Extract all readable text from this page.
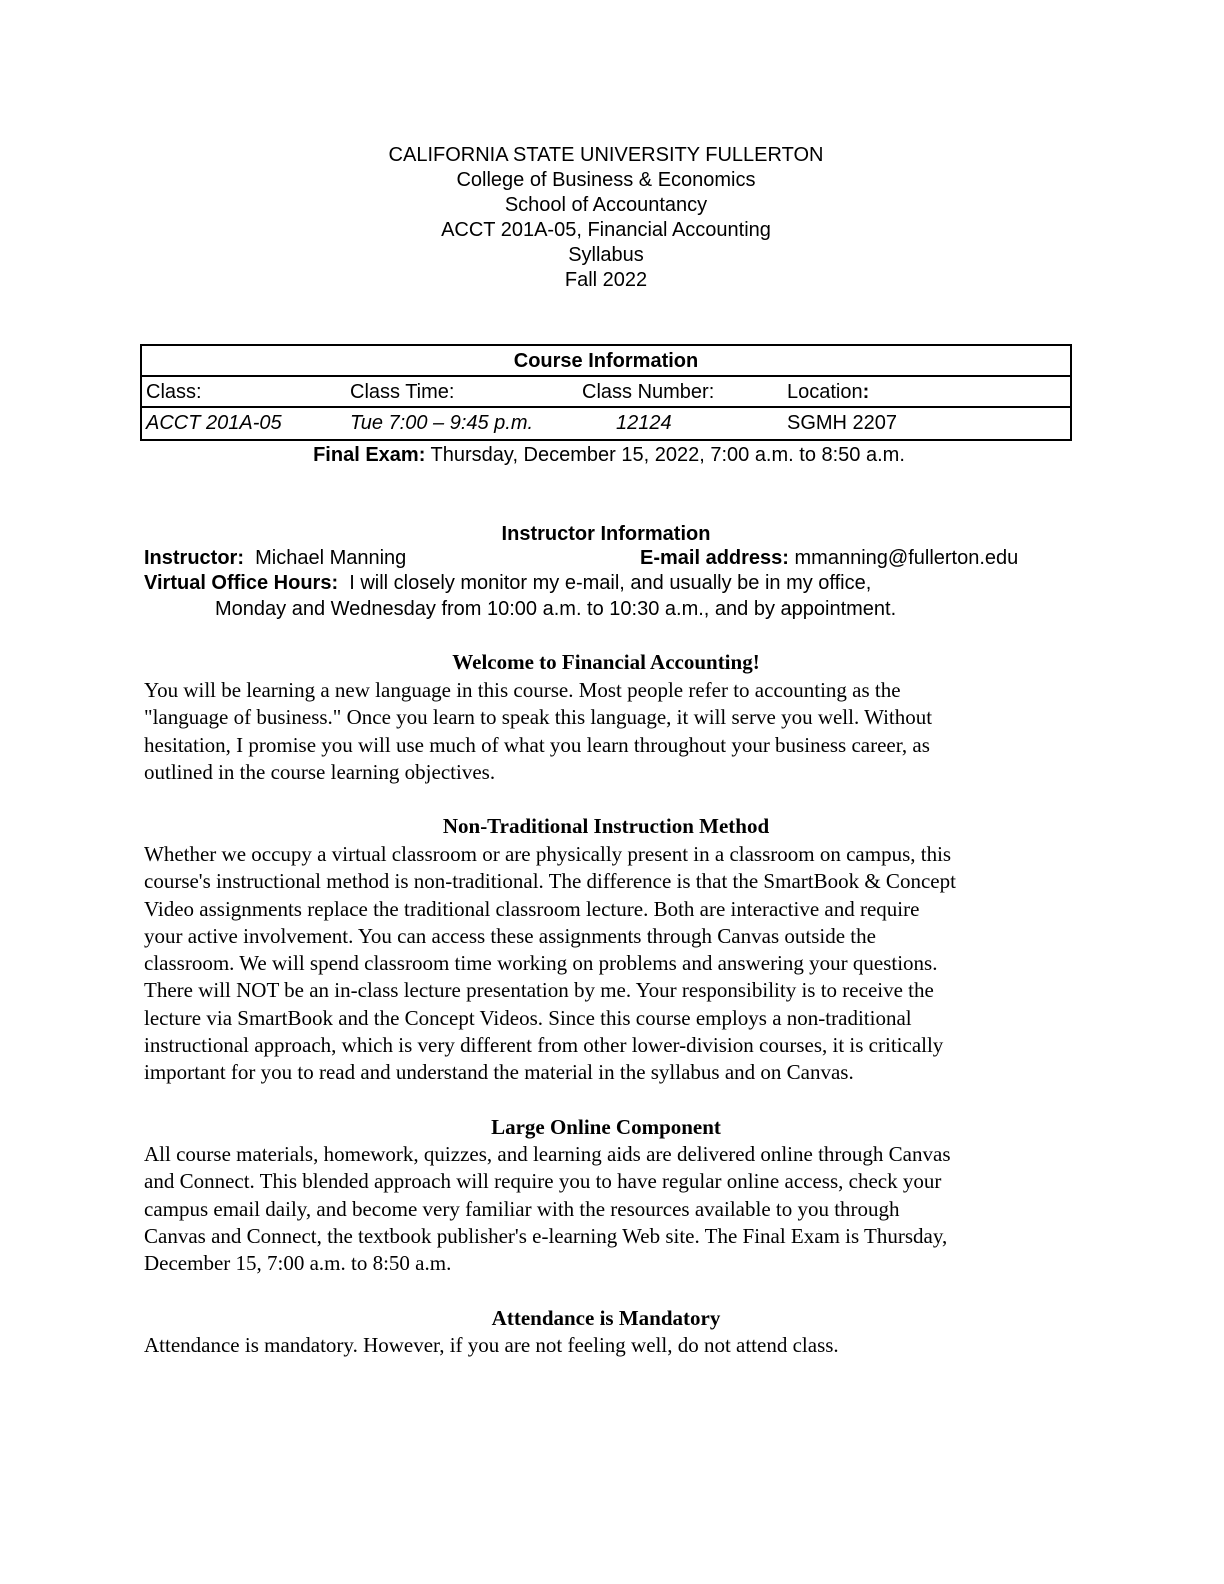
CALIFORNIA STATE UNIVERSITY FULLERTON
College of Business & Economics
School of Accountancy
ACCT 201A-05, Financial Accounting
Syllabus
Fall 2022
Course Information
Class:	Class Time:	Class Number:	Location:
ACCT 201A-05	Tue 7:00 – 9:45 p.m.	12124	SGMH 2207
Final Exam: Thursday, December 15, 2022, 7:00 a.m. to 8:50 a.m.
Instructor Information
Instructor:  Michael Manning	E-mail address: mmanning@fullerton.edu
Virtual Office Hours:  I will closely monitor my e-mail, and usually be in my office,
Monday and Wednesday from 10:00 a.m. to 10:30 a.m., and by appointment.
Welcome to Financial Accounting!
You will be learning a new language in this course. Most people refer to accounting as the
"language of business." Once you learn to speak this language, it will serve you well. Without
hesitation, I promise you will use much of what you learn throughout your business career, as
outlined in the course learning objectives.
Non-Traditional Instruction Method
Whether we occupy a virtual classroom or are physically present in a classroom on campus, this
course's instructional method is non-traditional. The difference is that the SmartBook & Concept
Video assignments replace the traditional classroom lecture. Both are interactive and require
your active involvement. You can access these assignments through Canvas outside the
classroom. We will spend classroom time working on problems and answering your questions.
There will NOT be an in-class lecture presentation by me. Your responsibility is to receive the
lecture via SmartBook and the Concept Videos. Since this course employs a non-traditional
instructional approach, which is very different from other lower-division courses, it is critically
important for you to read and understand the material in the syllabus and on Canvas.
Large Online Component
All course materials, homework, quizzes, and learning aids are delivered online through Canvas
and Connect. This blended approach will require you to have regular online access, check your
campus email daily, and become very familiar with the resources available to you through
Canvas and Connect, the textbook publisher's e-learning Web site. The Final Exam is Thursday,
December 15, 7:00 a.m. to 8:50 a.m.
Attendance is Mandatory
Attendance is mandatory. However, if you are not feeling well, do not attend class.
